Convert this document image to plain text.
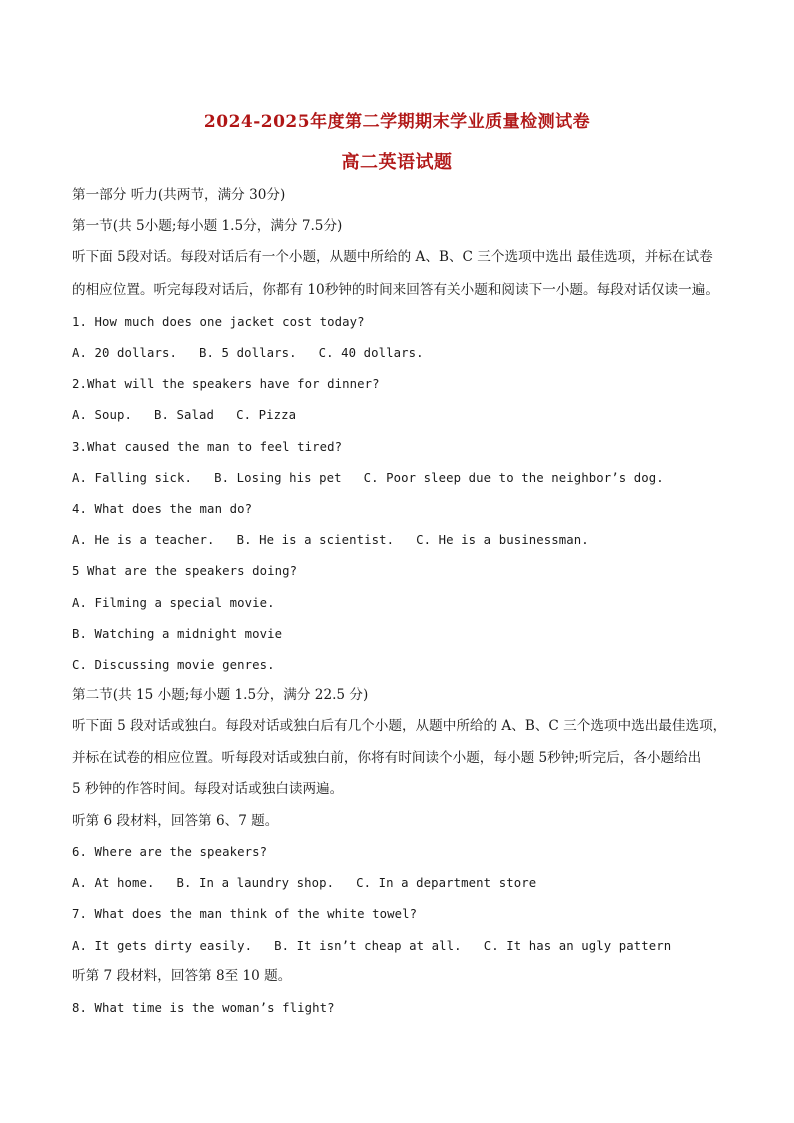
2024-2025年度第二学期期末学业质量检测试卷
高二英语试题
第一部分 听力(共两节，满分 30分)
第一节(共 5小题;每小题 1.5分，满分 7.5分)
听下面 5段对话。每段对话后有一个小题，从题中所给的 A、B、C 三个选项中选出 最佳选项，并标在试卷
的相应位置。听完每段对话后，你都有 10秒钟的时间来回答有关小题和阅读下一小题。每段对话仅读一遍。
1. How much does one jacket cost today?
A. 20 dollars. B. 5 dollars. C. 40 dollars.
2.What will the speakers have for dinner?
A. Soup. B. Salad C. Pizza
3.What caused the man to feel tired?
A. Falling sick. B. Losing his pet C. Poor sleep due to the neighbor’s dog.
4. What does the man do?
A. He is a teacher. B. He is a scientist. C. He is a businessman.
5 What are the speakers doing?
A. Filming a special movie.
B. Watching a midnight movie
C. Discussing movie genres.
第二节(共 15 小题;每小题 1.5分，满分 22.5 分)
听下面 5 段对话或独白。每段对话或独白后有几个小题，从题中所给的 A、B、C 三个选项中选出最佳选项，
并标在试卷的相应位置。听每段对话或独白前，你将有时间读个小题，每小题 5秒钟;听完后，各小题给出
5 秒钟的作答时间。每段对话或独白读两遍。
听第 6 段材料，回答第 6、7 题。
6. Where are the speakers?
A. At home. B. In a laundry shop. C. In a department store
7. What does the man think of the white towel?
A. It gets dirty easily. B. It isn’t cheap at all. C. It has an ugly pattern
听第 7 段材料，回答第 8至 10 题。
8. What time is the woman’s flight?
